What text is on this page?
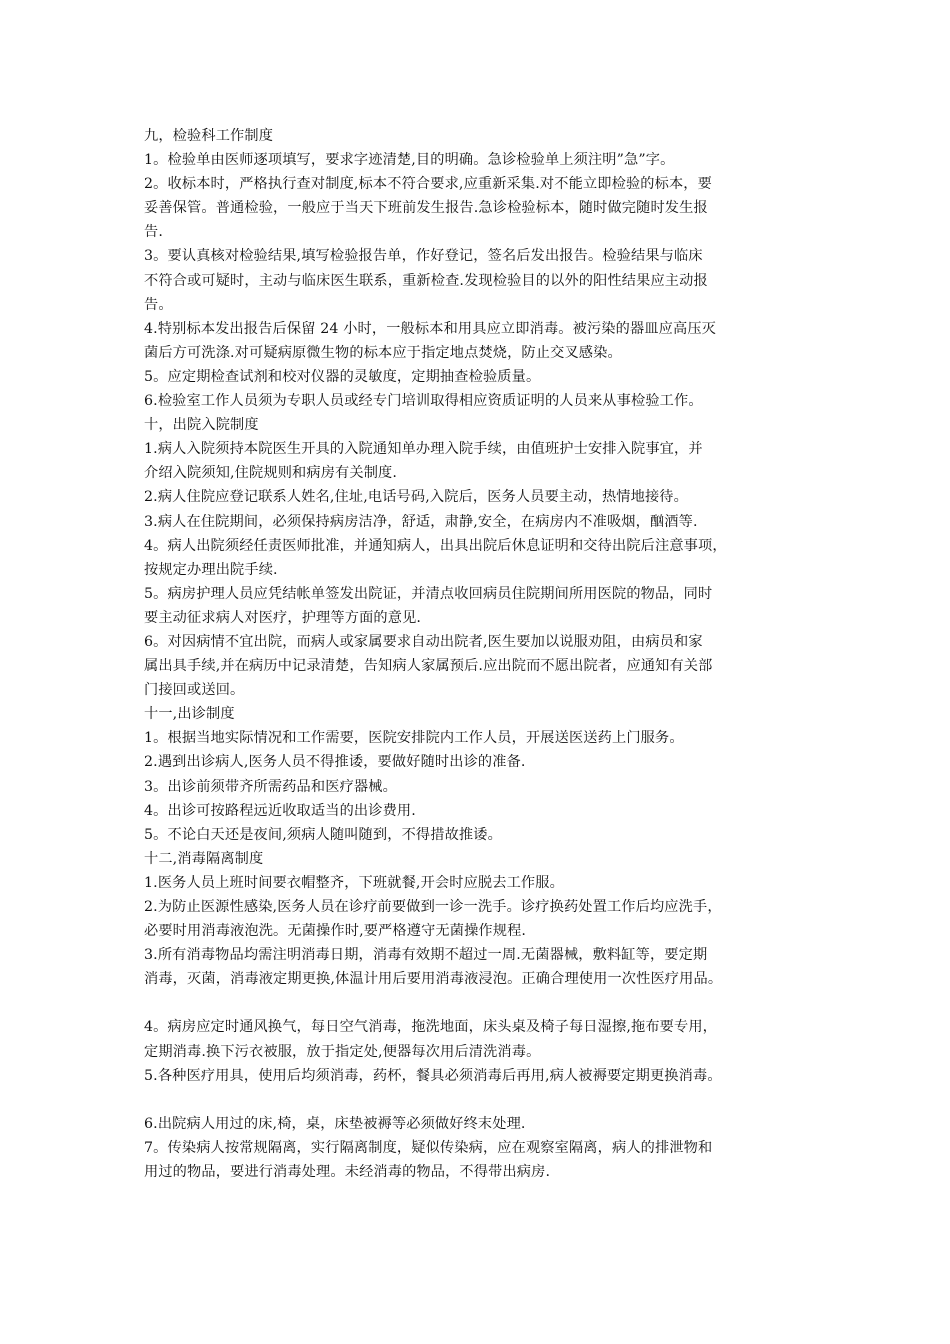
九，检验科工作制度
1。检验单由医师逐项填写，要求字迹清楚,目的明确。急诊检验单上须注明”急”字。
2。收标本时，严格执行查对制度,标本不符合要求,应重新采集.对不能立即检验的标本，要
妥善保管。普通检验，一般应于当天下班前发生报告.急诊检验标本，随时做完随时发生报
告.
3。要认真核对检验结果,填写检验报告单，作好登记，签名后发出报告。检验结果与临床
不符合或可疑时，主动与临床医生联系，重新检查.发现检验目的以外的阳性结果应主动报
告。
4.特别标本发出报告后保留 24 小时，一般标本和用具应立即消毒。被污染的器皿应高压灭
菌后方可洗涤.对可疑病原微生物的标本应于指定地点焚烧，防止交叉感染。
5。应定期检查试剂和校对仪器的灵敏度，定期抽查检验质量。
6.检验室工作人员须为专职人员或经专门培训取得相应资质证明的人员来从事检验工作。
十，出院入院制度
1.病人入院须持本院医生开具的入院通知单办理入院手续，由值班护士安排入院事宜，并
介绍入院须知,住院规则和病房有关制度.
2.病人住院应登记联系人姓名,住址,电话号码,入院后，医务人员要主动，热情地接待。
3.病人在住院期间，必须保持病房洁净，舒适，肃静,安全，在病房内不准吸烟，酗酒等.
4。病人出院须经任责医师批准，并通知病人，出具出院后休息证明和交待出院后注意事项，
按规定办理出院手续.
5。病房护理人员应凭结帐单签发出院证，并清点收回病员住院期间所用医院的物品，同时
要主动征求病人对医疗，护理等方面的意见.
6。对因病情不宜出院，而病人或家属要求自动出院者,医生要加以说服劝阻，由病员和家
属出具手续,并在病历中记录清楚，告知病人家属预后.应出院而不愿出院者，应通知有关部
门接回或送回。
十一,出诊制度
1。根据当地实际情况和工作需要，医院安排院内工作人员，开展送医送药上门服务。
2.遇到出诊病人,医务人员不得推诿，要做好随时出诊的准备.
3。出诊前须带齐所需药品和医疗器械。
4。出诊可按路程远近收取适当的出诊费用.
5。不论白天还是夜间,须病人随叫随到，不得措故推诿。
十二,消毒隔离制度
1.医务人员上班时间要衣帽整齐，下班就餐,开会时应脱去工作服。
2.为防止医源性感染,医务人员在诊疗前要做到一诊一洗手。诊疗换药处置工作后均应洗手，
必要时用消毒液泡洗。无菌操作时,要严格遵守无菌操作规程.
3.所有消毒物品均需注明消毒日期，消毒有效期不超过一周.无菌器械，敷料缸等，要定期
消毒，灭菌，消毒液定期更换,体温计用后要用消毒液浸泡。正确合理使用一次性医疗用品。
4。病房应定时通风换气，每日空气消毒，拖洗地面，床头桌及椅子每日湿擦,拖布要专用，
定期消毒.换下污衣被服，放于指定处,便器每次用后清洗消毒。
5.各种医疗用具，使用后均须消毒，药杯，餐具必须消毒后再用,病人被褥要定期更换消毒。
6.出院病人用过的床,椅，桌，床垫被褥等必须做好终末处理.
7。传染病人按常规隔离，实行隔离制度，疑似传染病，应在观察室隔离，病人的排泄物和
用过的物品，要进行消毒处理。未经消毒的物品，不得带出病房.
